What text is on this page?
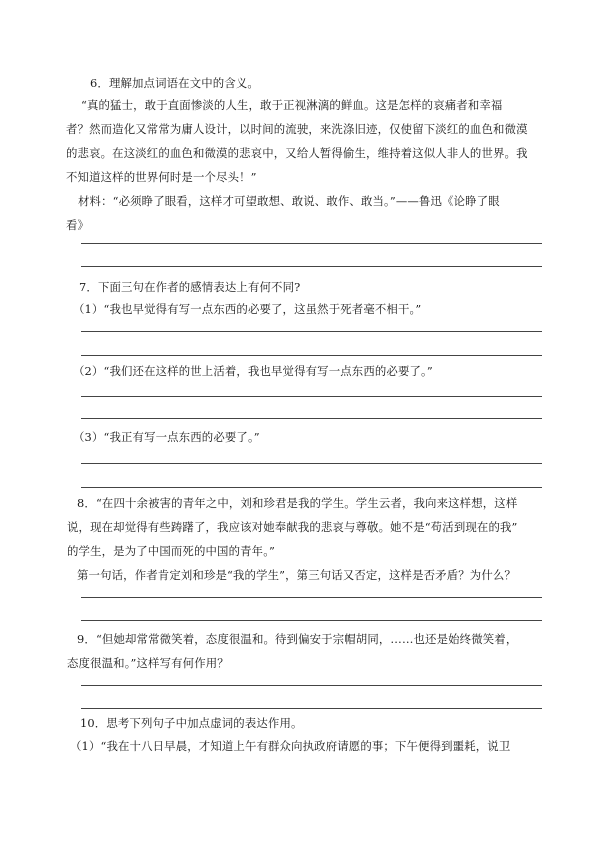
6．理解加点词语在文中的含义。
“真的猛士，敢于直面惨淡的人生，敢于正视淋漓的鲜血。这是怎样的哀痛者和幸福
者？然而造化又常常为庸人设计，以时间的流驶，来洗涤旧迹，仅使留下淡红的血色和微漠
的悲哀。在这淡红的血色和微漠的悲哀中，又给人暂得偷生，维持着这似人非人的世界。我
不知道这样的世界何时是一个尽头！”
材料：“必须睁了眼看，这样才可望敢想、敢说、敢作、敢当。”——鲁迅《论睁了眼
看》
7．下面三句在作者的感情表达上有何不同?
（1）“我也早觉得有写一点东西的必要了，这虽然于死者毫不相干。”
（2）“我们还在这样的世上活着，我也早觉得有写一点东西的必要了。”
（3）“我正有写一点东西的必要了。”
8．“在四十余被害的青年之中，刘和珍君是我的学生。学生云者，我向来这样想，这样
说，现在却觉得有些踌躇了，我应该对她奉献我的悲哀与尊敬。她不是“苟活到现在的我”
的学生，是为了中国而死的中国的青年。”
第一句话，作者肯定刘和珍是“我的学生”，第三句话又否定，这样是否矛盾？为什么？
9．“但她却常常微笑着，态度很温和。待到偏安于宗帽胡同，……也还是始终微笑着，
态度很温和。”这样写有何作用？
10．思考下列句子中加点虚词的表达作用。
（1）“我在十八日早晨，才知道上午有群众向执政府请愿的事；下午便得到噩耗，说卫
